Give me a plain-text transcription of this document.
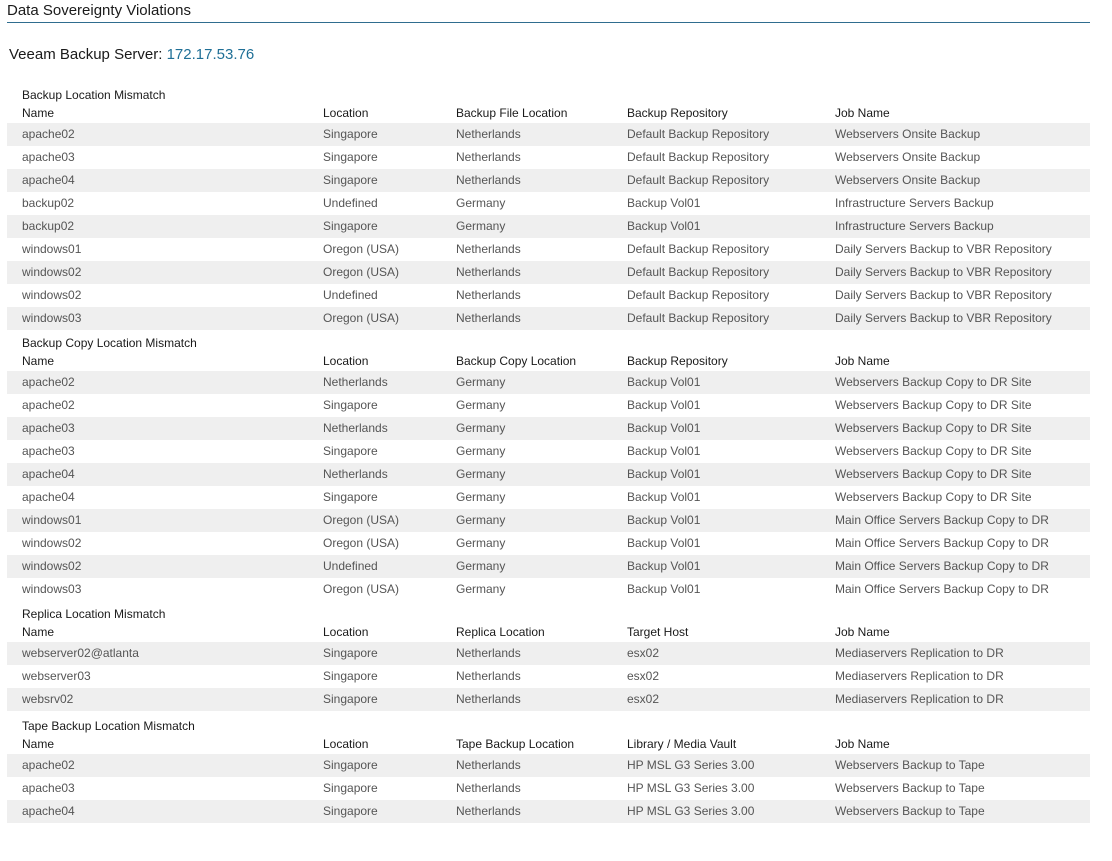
Data Sovereignty Violations
Veeam Backup Server: 172.17.53.76
Backup Location Mismatch
Name	Location	Backup File Location	Backup Repository	Job Name
apache02	Singapore	Netherlands	Default Backup Repository	Webservers Onsite Backup
apache03	Singapore	Netherlands	Default Backup Repository	Webservers Onsite Backup
apache04	Singapore	Netherlands	Default Backup Repository	Webservers Onsite Backup
backup02	Undefined	Germany	Backup Vol01	Infrastructure Servers Backup
backup02	Singapore	Germany	Backup Vol01	Infrastructure Servers Backup
windows01	Oregon (USA)	Netherlands	Default Backup Repository	Daily Servers Backup to VBR Repository
windows02	Oregon (USA)	Netherlands	Default Backup Repository	Daily Servers Backup to VBR Repository
windows02	Undefined	Netherlands	Default Backup Repository	Daily Servers Backup to VBR Repository
windows03	Oregon (USA)	Netherlands	Default Backup Repository	Daily Servers Backup to VBR Repository
Backup Copy Location Mismatch
Name	Location	Backup Copy Location	Backup Repository	Job Name
apache02	Netherlands	Germany	Backup Vol01	Webservers Backup Copy to DR Site
apache02	Singapore	Germany	Backup Vol01	Webservers Backup Copy to DR Site
apache03	Netherlands	Germany	Backup Vol01	Webservers Backup Copy to DR Site
apache03	Singapore	Germany	Backup Vol01	Webservers Backup Copy to DR Site
apache04	Netherlands	Germany	Backup Vol01	Webservers Backup Copy to DR Site
apache04	Singapore	Germany	Backup Vol01	Webservers Backup Copy to DR Site
windows01	Oregon (USA)	Germany	Backup Vol01	Main Office Servers Backup Copy to DR
windows02	Oregon (USA)	Germany	Backup Vol01	Main Office Servers Backup Copy to DR
windows02	Undefined	Germany	Backup Vol01	Main Office Servers Backup Copy to DR
windows03	Oregon (USA)	Germany	Backup Vol01	Main Office Servers Backup Copy to DR
Replica Location Mismatch
Name	Location	Replica Location	Target Host	Job Name
webserver02@atlanta	Singapore	Netherlands	esx02	Mediaservers Replication to DR
webserver03	Singapore	Netherlands	esx02	Mediaservers Replication to DR
websrv02	Singapore	Netherlands	esx02	Mediaservers Replication to DR
Tape Backup Location Mismatch
Name	Location	Tape Backup Location	Library / Media Vault	Job Name
apache02	Singapore	Netherlands	HP MSL G3 Series 3.00	Webservers Backup to Tape
apache03	Singapore	Netherlands	HP MSL G3 Series 3.00	Webservers Backup to Tape
apache04	Singapore	Netherlands	HP MSL G3 Series 3.00	Webservers Backup to Tape
